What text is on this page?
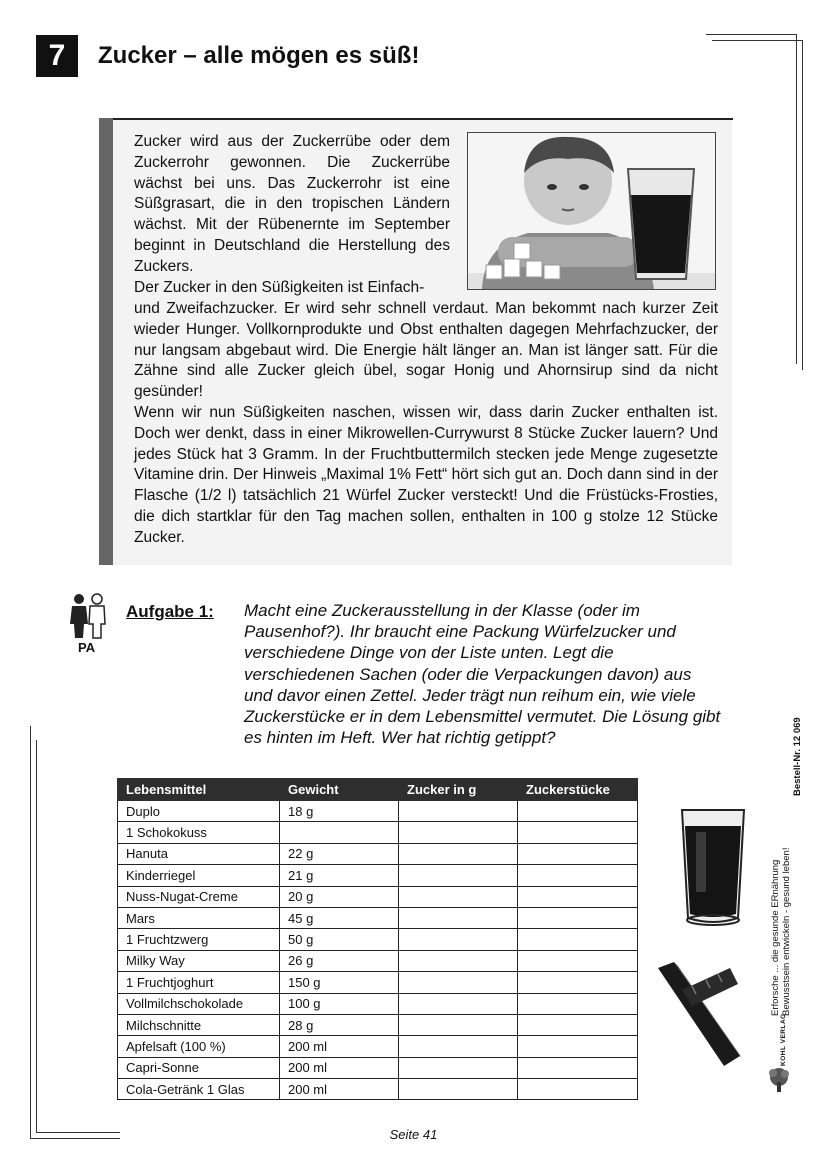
7	Zucker – alle mögen es süß!
Zucker wird aus der Zuckerrübe oder dem Zuckerrohr gewonnen. Die Zuckerrübe wächst bei uns. Das Zuckerrohr ist eine Süßgrasart, die in den tropischen Ländern wächst. Mit der Rübenernte im September beginnt in Deutschland die Herstellung des Zuckers.
Der Zucker in den Süßigkeiten ist Einfach-
und Zweifachzucker. Er wird sehr schnell verdaut. Man bekommt nach kurzer Zeit wieder Hunger. Vollkornprodukte und Obst enthalten dagegen Mehrfachzucker, der nur langsam abgebaut wird. Die Energie hält länger an. Man ist länger satt. Für die Zähne sind alle Zucker gleich übel, sogar Honig und Ahornsirup sind da nicht gesünder!
Wenn wir nun Süßigkeiten naschen, wissen wir, dass darin Zucker enthalten ist. Doch wer denkt, dass in einer Mikrowellen-Currywurst 8 Stücke Zucker lauern? Und jedes Stück hat 3 Gramm. In der Fruchtbuttermilch stecken jede Menge zugesetzte Vitamine drin. Der Hinweis „Maximal 1% Fett“ hört sich gut an. Doch dann sind in der Flasche (1/2 l) tatsächlich 21 Würfel Zucker versteckt! Und die Früstücks-Frosties, die dich startklar für den Tag machen sollen, enthalten in 100 g stolze 12 Stücke Zucker.
PA
Aufgabe 1: Macht eine Zuckerausstellung in der Klasse (oder im Pausenhof?). Ihr braucht eine Packung Würfelzucker und verschiedene Dinge von der Liste unten. Legt die verschiedenen Sachen (oder die Verpackungen davon) aus und davor einen Zettel. Jeder trägt nun reihum ein, wie viele Zuckerstücke er in dem Lebensmittel vermutet. Die Lösung gibt es hinten im Heft. Wer hat richtig getippt?
Lebensmittel	Gewicht	Zucker in g	Zuckerstücke
Duplo	18 g		
1 Schokokuss			
Hanuta	22 g		
Kinderriegel	21 g		
Nuss-Nugat-Creme	20 g		
Mars	45 g		
1 Fruchtzwerg	50 g		
Milky Way	26 g		
1 Fruchtjoghurt	150 g		
Vollmilchschokolade	100 g		
Milchschnitte	28 g		
Apfelsaft (100 %)	200 ml		
Capri-Sonne	200 ml		
Cola-Getränk 1 Glas	200 ml		
Bestell-Nr. 12 069
Erforsche ... die gesunde ERnährung Bewusstsein entwickeln - gesund leben!
KOHL VERLAG
Seite 41
